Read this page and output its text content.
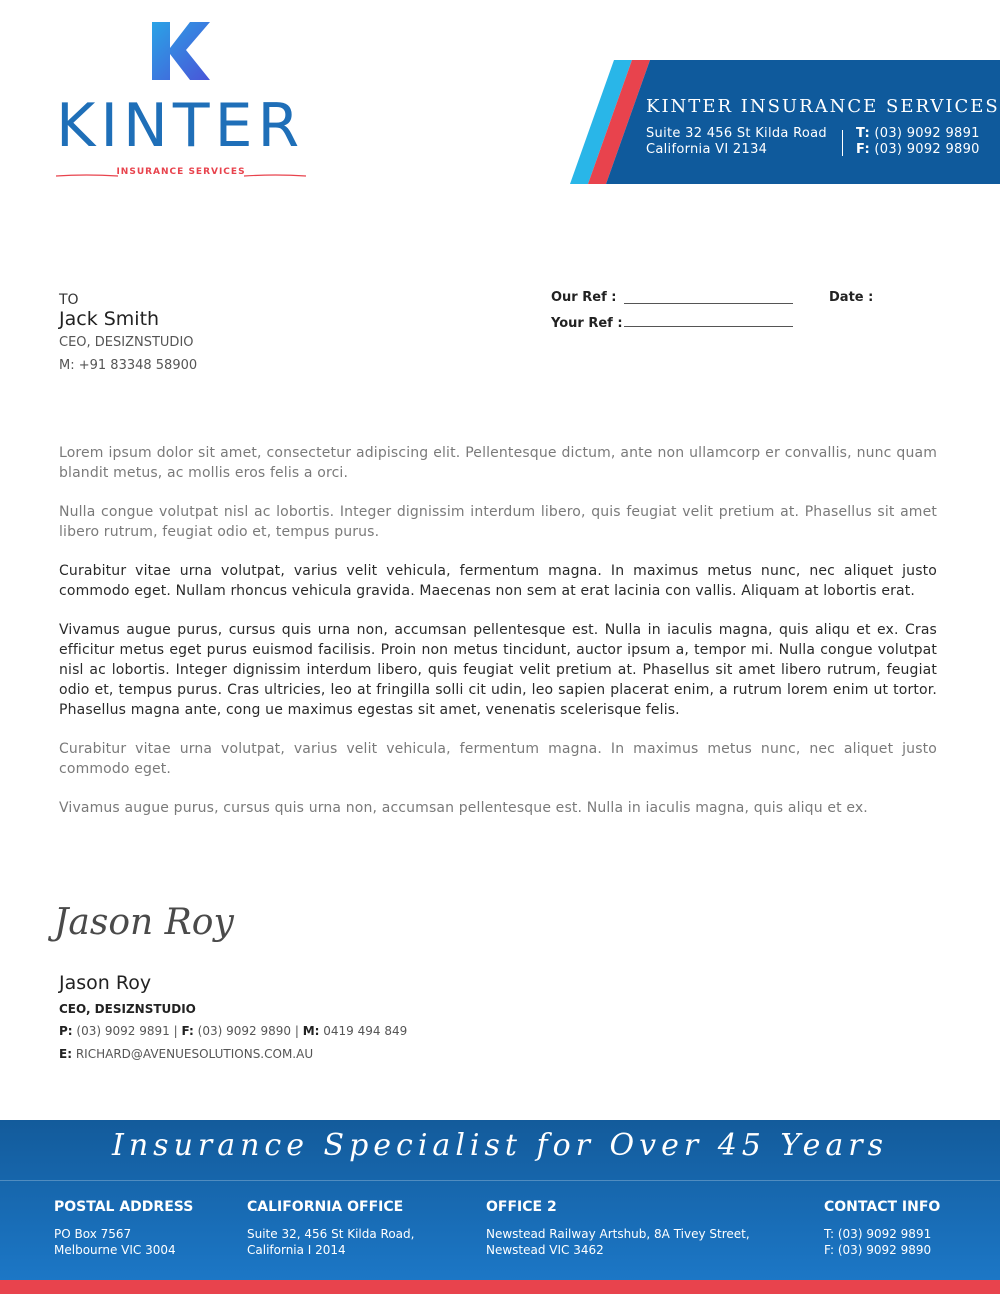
KINTER
INSURANCE SERVICES
KINTER INSURANCE SERVICES
Suite 32 456 St Kilda Road
California VI 2134
T: (03) 9092 9891
F: (03) 9092 9890
TO
Jack Smith
CEO, DESIZNSTUDIO
M: +91 83348 58900
Our Ref :
Your Ref :
Date :

Lorem ipsum dolor sit amet, consectetur adipiscing elit. Pellentesque dictum, ante non ullamcorp er convallis, nunc quam blandit metus, ac mollis eros felis a orci.

Nulla congue volutpat nisl ac lobortis. Integer dignissim interdum libero, quis feugiat velit pretium at. Phasellus sit amet libero rutrum, feugiat odio et, tempus purus.

Curabitur vitae urna volutpat, varius velit vehicula, fermentum magna. In maximus metus nunc, nec aliquet justo commodo eget. Nullam rhoncus vehicula gravida. Maecenas non sem at erat lacinia con vallis. Aliquam at lobortis erat.

Vivamus augue purus, cursus quis urna non, accumsan pellentesque est. Nulla in iaculis magna, quis aliqu et ex. Cras efficitur metus eget purus euismod facilisis. Proin non metus tincidunt, auctor ipsum a, tempor mi. Nulla congue volutpat nisl ac lobortis. Integer dignissim interdum libero, quis feugiat velit pretium at. Phasellus sit amet libero rutrum, feugiat odio et, tempus purus. Cras ultricies, leo at fringilla solli cit udin, leo sapien placerat enim, a rutrum lorem enim ut tortor. Phasellus magna ante, cong ue maximus egestas sit amet, venenatis scelerisque felis.

Curabitur vitae urna volutpat, varius velit vehicula, fermentum magna. In maximus metus nunc, nec aliquet justo commodo eget.

Vivamus augue purus, cursus quis urna non, accumsan pellentesque est. Nulla in iaculis magna, quis aliqu et ex.

Jason Roy
Jason Roy
CEO, DESIZNSTUDIO
P: (03) 9092 9891 | F: (03) 9092 9890 | M: 0419 494 849
E: RICHARD@AVENUESOLUTIONS.COM.AU
Insurance Specialist for Over 45 Years
POSTAL ADDRESS
PO Box 7567
Melbourne VIC 3004
CALIFORNIA OFFICE
Suite 32, 456 St Kilda Road,
California I 2014
OFFICE 2
Newstead Railway Artshub, 8A Tivey Street,
Newstead VIC 3462
CONTACT INFO
T: (03) 9092 9891
F: (03) 9092 9890
